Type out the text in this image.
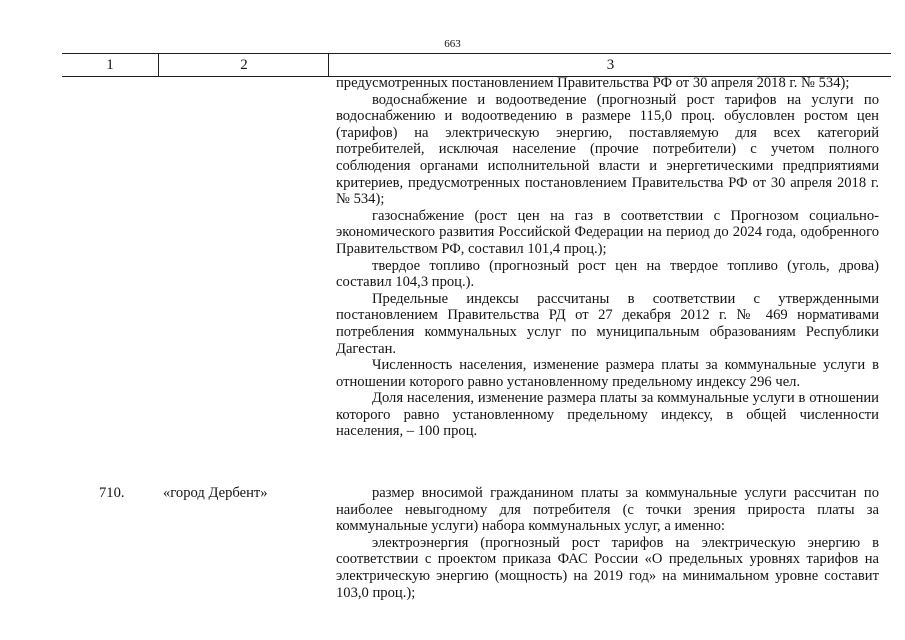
663
1	2	3

предусмотренных постановлением Правительства РФ от 30 апреля 2018 г. № 534);

водоснабжение и водоотведение (прогнозный рост тарифов на услуги по водоснабжению и водоотведению в размере 115,0 проц. обусловлен ростом цен (тарифов) на электрическую энергию, поставляемую для всех категорий потребителей, исключая население (прочие потребители) с учетом полного соблюдения органами исполнительной власти и энергетическими предприятиями критериев, предусмотренных постановлением Правительства РФ от 30 апреля 2018 г. № 534);

газоснабжение (рост цен на газ в соответствии с Прогнозом социально-экономического развития Российской Федерации на период до 2024 года, одобренного Правительством РФ, составил 101,4 проц.);

твердое топливо (прогнозный рост цен на твердое топливо (уголь, дрова) составил 104,3 проц.).

Предельные индексы рассчитаны в соответствии с утвержденными постановлением Правительства РД от 27 декабря 2012 г. № 469 нормативами потребления коммунальных услуг по муниципальным образованиям Республики Дагестан.

Численность населения, изменение размера платы за коммунальные услуги в отношении которого равно установленному предельному индексу 296 чел.

Доля населения, изменение размера платы за коммунальные услуги в отношении которого равно установленному предельному индексу, в общей численности населения, – 100 проц.

710.	«город Дербент»	размер вносимой гражданином платы за коммунальные услуги рассчитан по наиболее невыгодному для потребителя (с точки зрения прироста платы за коммунальные услуги) набора коммунальных услуг, а именно:

электроэнергия (прогнозный рост тарифов на электрическую энергию в соответствии с проектом приказа ФАС России «О предельных уровнях тарифов на электрическую энергию (мощность) на 2019 год» на минимальном уровне составит 103,0 проц.);
